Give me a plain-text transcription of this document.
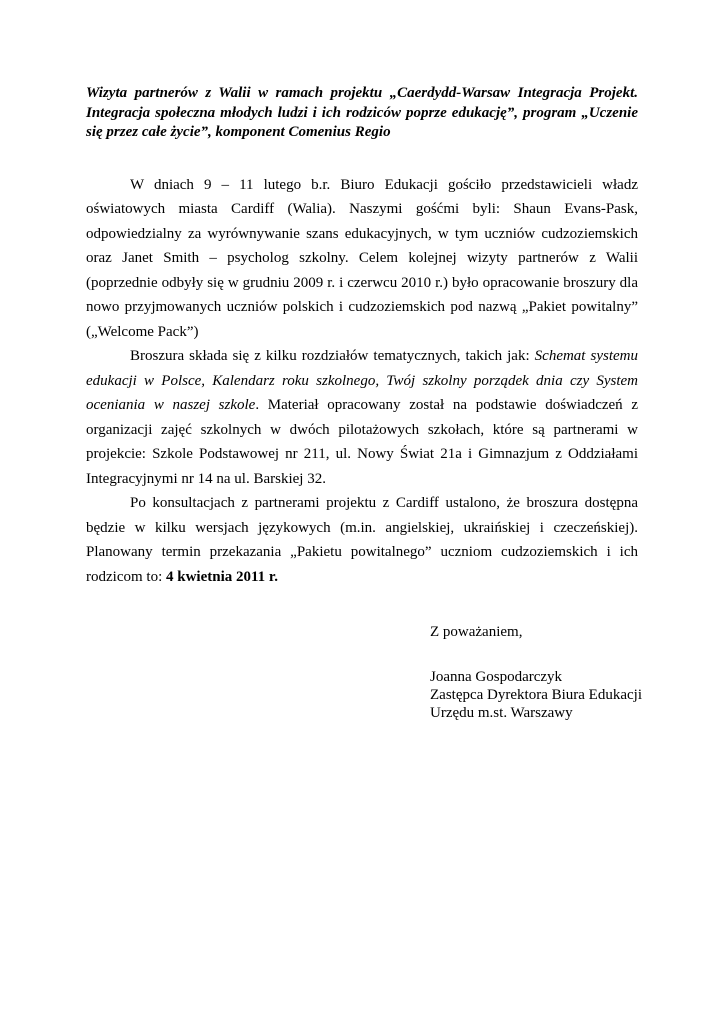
Wizyta partnerów z Walii w ramach projektu „Caerdydd-Warsaw Integracja Projekt. Integracja społeczna młodych ludzi i ich rodziców poprze edukację”, program „Uczenie się przez całe życie”, komponent Comenius Regio

W dniach 9 – 11 lutego b.r. Biuro Edukacji gościło przedstawicieli władz oświatowych miasta Cardiff (Walia). Naszymi gośćmi byli: Shaun Evans-Pask, odpowiedzialny za wyrównywanie szans edukacyjnych, w tym uczniów cudzoziemskich oraz Janet Smith – psycholog szkolny. Celem kolejnej wizyty partnerów z Walii (poprzednie odbyły się w grudniu 2009 r. i czerwcu 2010 r.) było opracowanie broszury dla nowo przyjmowanych uczniów polskich i cudzoziemskich pod nazwą „Pakiet powitalny” („Welcome Pack”)

Broszura składa się z kilku rozdziałów tematycznych, takich jak: Schemat systemu edukacji w Polsce, Kalendarz roku szkolnego, Twój szkolny porządek dnia czy System oceniania w naszej szkole. Materiał opracowany został na podstawie doświadczeń z organizacji zajęć szkolnych w dwóch pilotażowych szkołach, które są partnerami w projekcie: Szkole Podstawowej nr 211, ul. Nowy Świat 21a i Gimnazjum z Oddziałami Integracyjnymi nr 14 na ul. Barskiej 32.

Po konsultacjach z partnerami projektu z Cardiff ustalono, że broszura dostępna będzie w kilku wersjach językowych (m.in. angielskiej, ukraińskiej i czeczeńskiej). Planowany termin przekazania „Pakietu powitalnego” uczniom cudzoziemskich i ich rodzicom to: 4 kwietnia 2011 r.

Z poważaniem,
Joanna Gospodarczyk
Zastępca Dyrektora Biura Edukacji
Urzędu m.st. Warszawy
